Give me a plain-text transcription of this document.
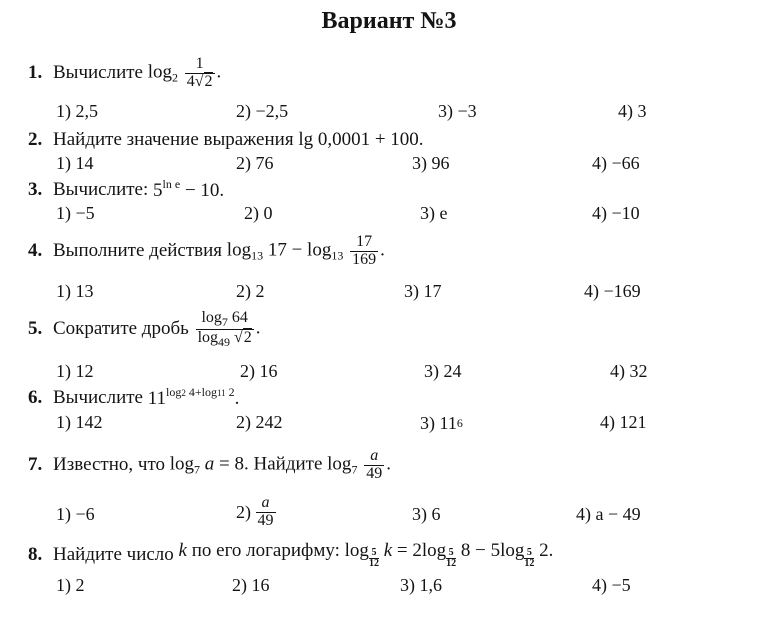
Вариант №3
1. Вычислите $\log_2 \frac{1}{4√2}$ .
1) 2,5	2) −2,5	3) −3	4) 3
2. Найдите значение выражения lg 0,0001 + 100.
1) 14	2) 76	3) 96	4) −66
3. Вычислите: $5^{ln e} - 10$.
1) −5	2) 0	3) e	4) −10
4. Выполните действия $\log_{13} 17 - \log_{13} \frac{17}{169}$ .
1) 13	2) 2	3) 17	4) −169
5. Сократите дробь $\frac{\log_7 64}{\log_{49} √2}$ .
1) 12	2) 16	3) 24	4) 32
6. Вычислите $11^{log2 4+log11 2}$.
1) 142	2) 242	3) 116	4) 121
7. Известно, что $\log_7 a = 8$. Найдите $\log_7 \frac{a}{49}$ .
1) −6	$2) \frac{a}{49}$	3) 6	4) a − 49
8. Найдите число k по его логарифму: $\log \frac{5}{12}$ $k = 2\log \frac{5}{12} 8 - 5\log \frac{5}{12} 2$.
1) 2	2) 16	3) 1,6	4) −5
